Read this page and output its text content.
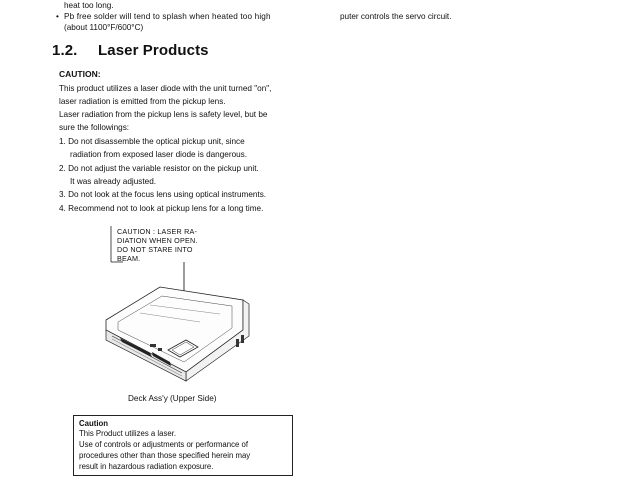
heat too long.
• Pb free solder will tend to splash when heated too high
(about 1100°F/600°C)
puter controls the servo circuit.
1.2. Laser Products
CAUTION:
This product utilizes a laser diode with the unit turned "on",
laser radiation is emitted from the pickup lens.
Laser radiation from the pickup lens is safety level, but be
sure the followings:
1. Do not disassemble the optical pickup unit, since
radiation from exposed laser diode is dangerous.
2. Do not adjust the variable resistor on the pickup unit.
It was already adjusted.
3. Do not look at the focus lens using optical instruments.
4. Recommend not to look at pickup lens for a long time.
CAUTION : LASER RA-
DIATION WHEN OPEN.
DO NOT STARE INTO
BEAM.
Deck Ass'y (Upper Side)
Caution
This Product utilizes a laser.
Use of controls or adjustments or performance of
procedures other than those specified herein may
result in hazardous radiation exposure.
